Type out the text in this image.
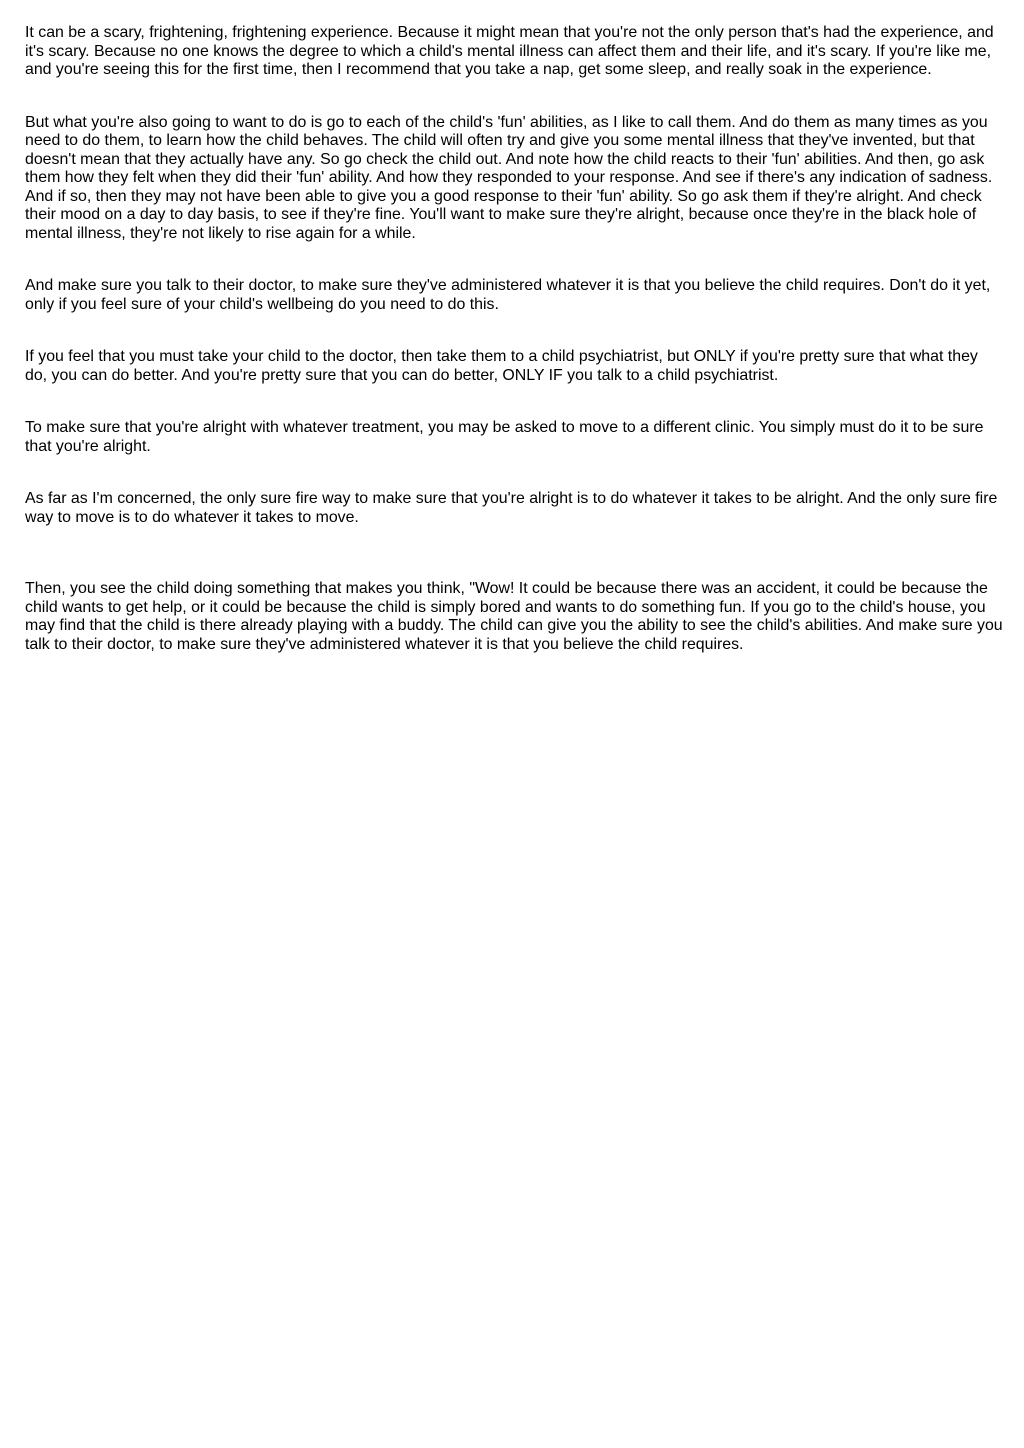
It can be a scary, frightening, frightening experience. Because it might mean that you're not the only person that's had the experience, and it's scary. Because no one knows the degree to which a child's mental illness can affect them and their life, and it's scary. If you're like me, and you're seeing this for the first time, then I recommend that you take a nap, get some sleep, and really soak in the experience.

But what you're also going to want to do is go to each of the child's 'fun' abilities, as I like to call them. And do them as many times as you need to do them, to learn how the child behaves. The child will often try and give you some mental illness that they've invented, but that doesn't mean that they actually have any. So go check the child out. And note how the child reacts to their 'fun' abilities. And then, go ask them how they felt when they did their 'fun' ability. And how they responded to your response. And see if there's any indication of sadness. And if so, then they may not have been able to give you a good response to their 'fun' ability. So go ask them if they're alright. And check their mood on a day to day basis, to see if they're fine. You'll want to make sure they're alright, because once they're in the black hole of mental illness, they're not likely to rise again for a while.

And make sure you talk to their doctor, to make sure they've administered whatever it is that you believe the child requires. Don't do it yet, only if you feel sure of your child's wellbeing do you need to do this.

If you feel that you must take your child to the doctor, then take them to a child psychiatrist, but ONLY if you're pretty sure that what they do, you can do better. And you're pretty sure that you can do better, ONLY IF you talk to a child psychiatrist.

To make sure that you're alright with whatever treatment, you may be asked to move to a different clinic. You simply must do it to be sure that you're alright.

As far as I'm concerned, the only sure fire way to make sure that you're alright is to do whatever it takes to be alright. And the only sure fire way to move is to do whatever it takes to move.

Then, you see the child doing something that makes you think, "Wow! It could be because there was an accident, it could be because the child wants to get help, or it could be because the child is simply bored and wants to do something fun. If you go to the child's house, you may find that the child is there already playing with a buddy. The child can give you the ability to see the child's abilities. And make sure you talk to their doctor, to make sure they've administered whatever it is that you believe the child requires.
